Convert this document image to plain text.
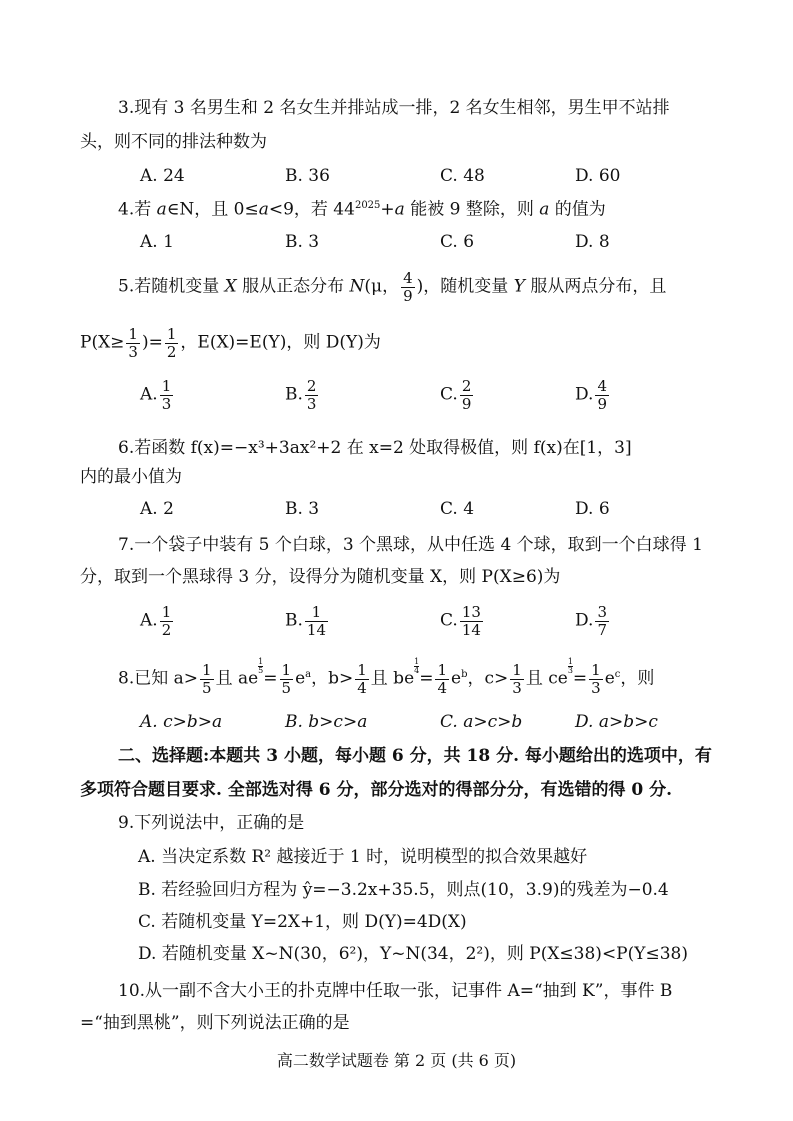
3.现有 3 名男生和 2 名女生并排站成一排，2 名女生相邻，男生甲不站排
头，则不同的排法种数为
A. 24	B. 36	C. 48	D. 60
4.若 a∈N，且 0≤a<9，若 $44^{2025}+a$ 能被 9 整除，则 a 的值为
A. 1	B. 3	C. 6	D. 8
5.若随机变量 X 服从正态分布 N(μ， $\frac{4}{9}$ )，随机变量 Y 服从两点分布，且
$P(X\ge \frac{1}{3}$ )= $\frac{1}{2}$ ，E(X)=E(Y)，则 D(Y)为
A. $\frac{1}{3}$	B. $\frac{2}{3}$	C. $\frac{2}{9}$	D. $\frac{4}{9}$
6.若函数 f(x)=−x³+3ax²+2 在 x=2 处取得极值，则 f(x)在[1，3]
内的最小值为
A. 2	B. 3	C. 4	D. 6
7.一个袋子中装有 5 个白球，3 个黑球，从中任选 4 个球，取到一个白球得 1
分，取到一个黑球得 3 分，设得分为随机变量 X，则 P(X≥6)为
A. $\frac{1}{2}$	B. $\frac{1}{14}$	C. $\frac{13}{14}$	D. $\frac{3}{7}$
8.已知 $a> \frac{1}{5}$ 且 ae
$\frac{1}{5}$
= $\frac{1}{5} e^a$，$b> \frac{1}{4}$ 且 be
$\frac{1}{4}$
= $\frac{1}{4} e^b$，$c> \frac{1}{3}$ 且 ce
$\frac{1}{3}$
= $\frac{1}{3} e^c$，则
A. c>b>a	B. b>c>a	C. a>c>b	D. a>b>c
二、选择题:本题共 3 小题，每小题 6 分，共 18 分. 每小题给出的选项中，有
多项符合题目要求. 全部选对得 6 分，部分选对的得部分分，有选错的得 0 分.
9.下列说法中，正确的是
A. 当决定系数 R² 越接近于 1 时，说明模型的拟合效果越好
B. 若经验回归方程为 ŷ=−3.2x+35.5，则点(10，3.9)的残差为−0.4
C. 若随机变量 Y=2X+1，则 D(Y)=4D(X)
D. 若随机变量 X~N(30，6²)，Y~N(34，2²)，则 P(X≤38)<P(Y≤38)
10.从一副不含大小王的扑克牌中任取一张，记事件 A=“抽到 K”，事件 B
=“抽到黑桃”，则下列说法正确的是
高二数学试题卷 第 2 页 (共 6 页)
